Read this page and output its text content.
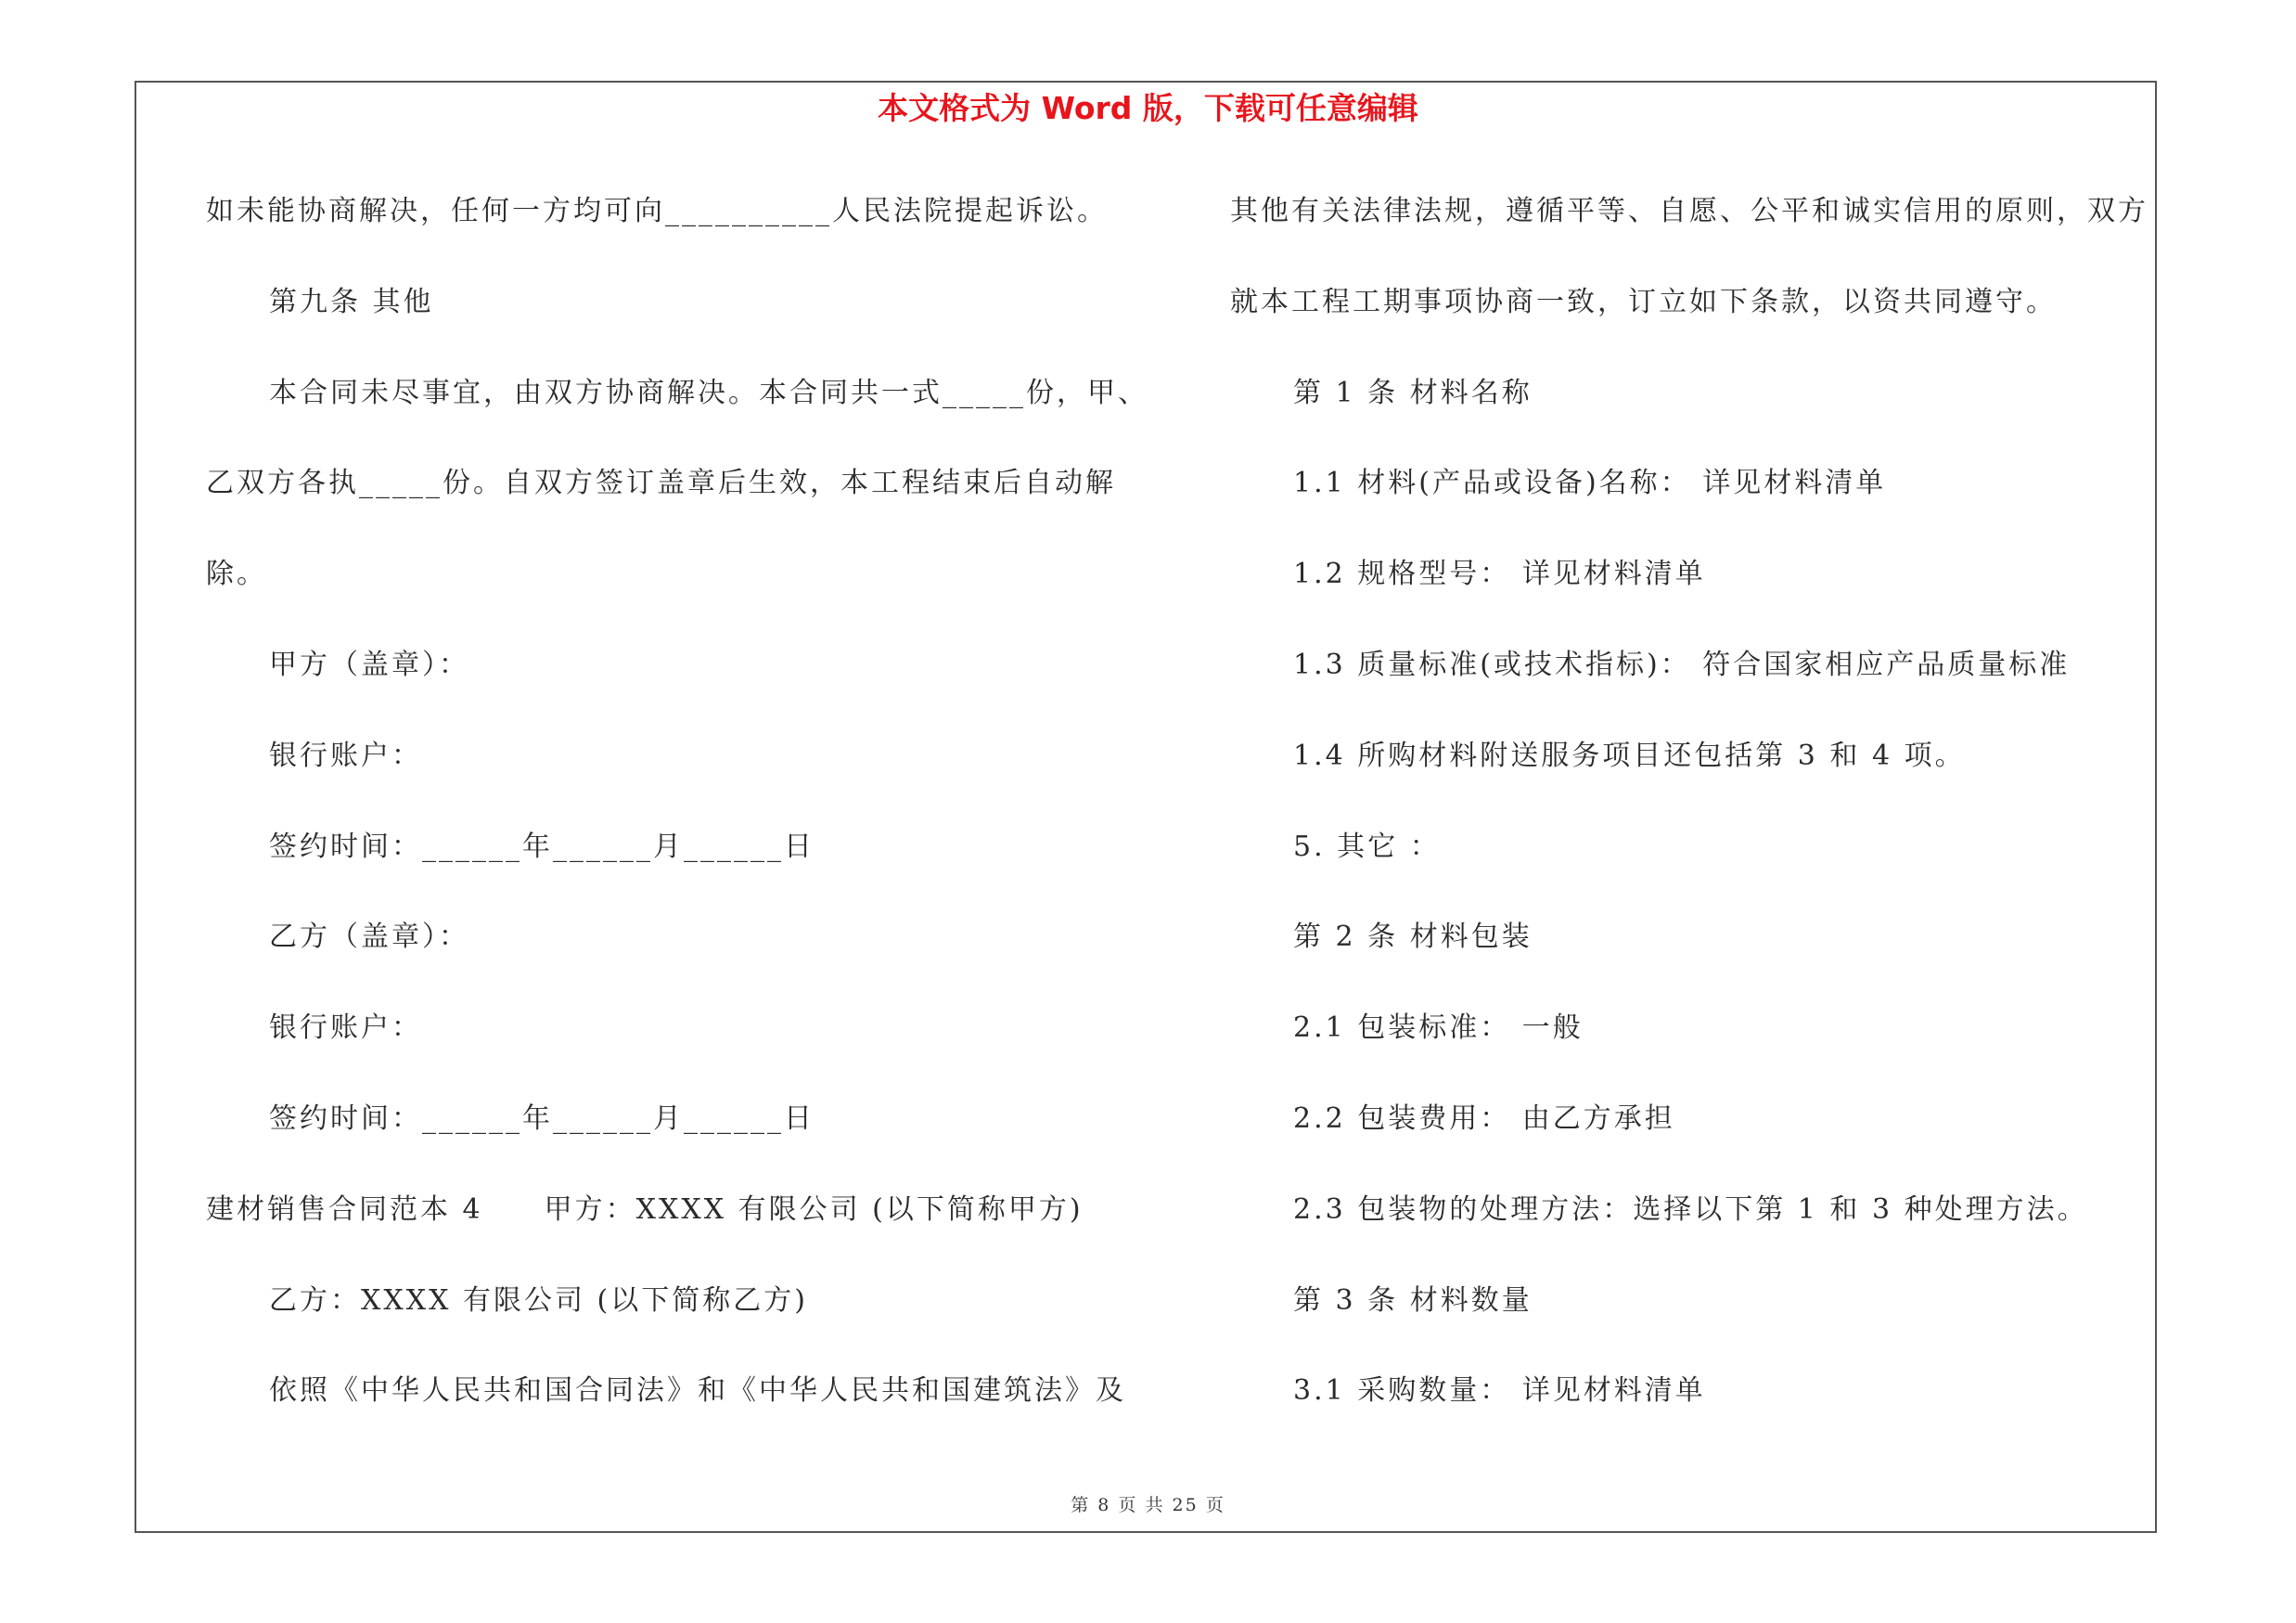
本文格式为 Word 版，下载可任意编辑
如未能协商解决，任何一方均可向__________人民法院提起诉讼。
第九条 其他
本合同未尽事宜，由双方协商解决。本合同共一式_____份，甲、
乙双方各执_____份。自双方签订盖章后生效，本工程结束后自动解
除。
甲方（盖章）：
银行账户：
签约时间：______年______月______日
乙方（盖章）：
银行账户：
签约时间：______年______月______日
建材销售合同范本 4　　甲方：XXXX 有限公司 (以下简称甲方)
乙方：XXXX 有限公司 (以下简称乙方)
依照《中华人民共和国合同法》和《中华人民共和国建筑法》及
其他有关法律法规，遵循平等、自愿、公平和诚实信用的原则，双方
就本工程工期事项协商一致，订立如下条款，以资共同遵守。
第 1 条 材料名称
1.1 材料(产品或设备)名称： 详见材料清单
1.2 规格型号： 详见材料清单
1.3 质量标准(或技术指标)： 符合国家相应产品质量标准
1.4 所购材料附送服务项目还包括第 3 和 4 项。
5. 其它 ：
第 2 条 材料包装
2.1 包装标准： 一般
2.2 包装费用： 由乙方承担
2.3 包装物的处理方法：选择以下第 1 和 3 种处理方法。
第 3 条 材料数量
3.1 采购数量： 详见材料清单
第 8 页 共 25 页
